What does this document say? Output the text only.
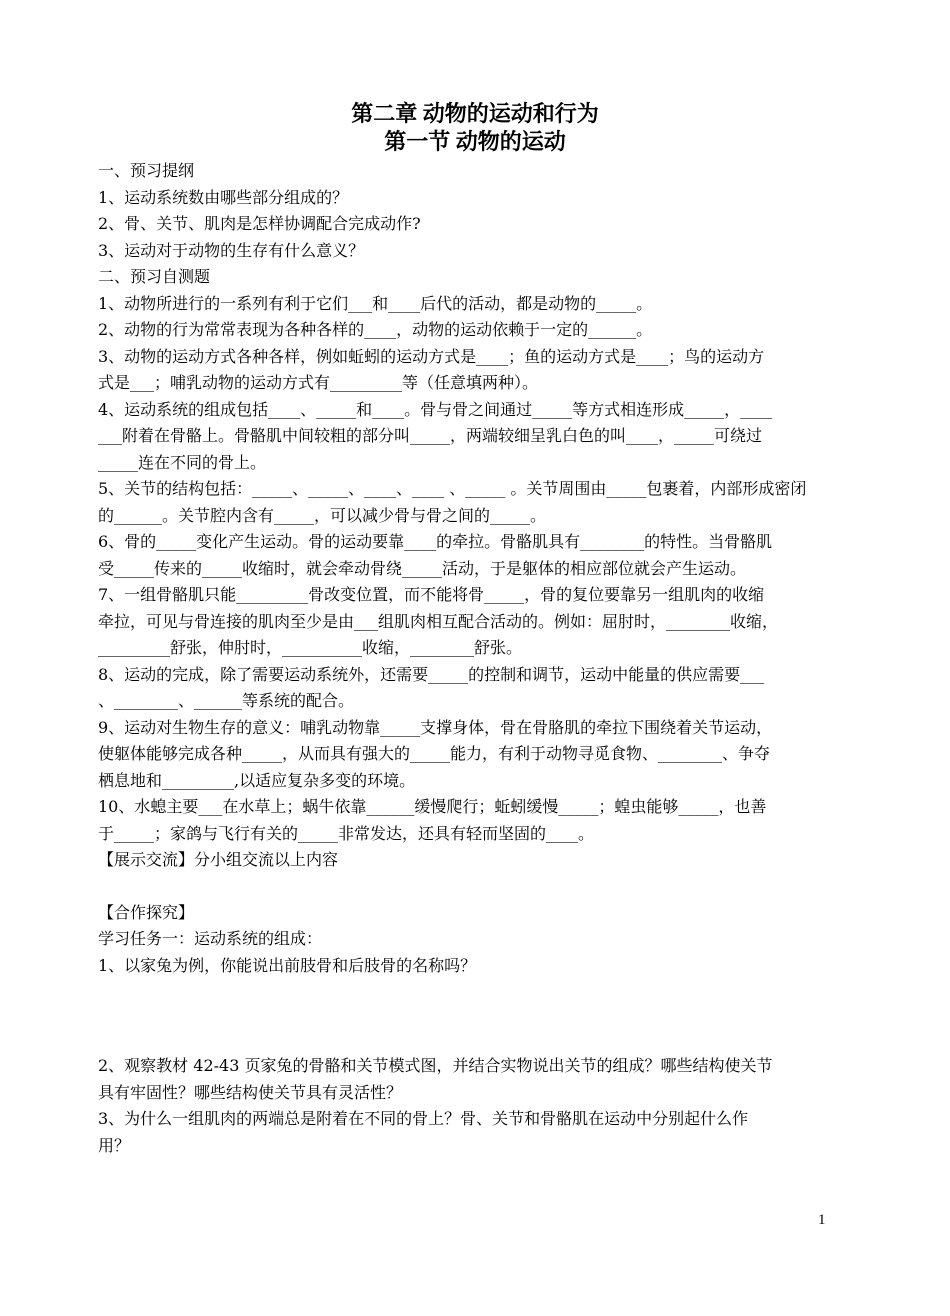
第二章 动物的运动和行为

第一节 动物的运动

一、预习提纲

1、运动系统数由哪些部分组成的？

2、骨、关节、肌肉是怎样协调配合完成动作?

3、运动对于动物的生存有什么意义？

二、预习自测题

1、动物所进行的一系列有利于它们___和____后代的活动，都是动物的_____。

2、动物的行为常常表现为各种各样的____，动物的运动依赖于一定的______。

3、动物的运动方式各种各样，例如蚯蚓的运动方式是____；鱼的运动方式是____；鸟的运动方

式是___；哺乳动物的运动方式有_________等（任意填两种）。

4、运动系统的组成包括____、_____和____。骨与骨之间通过_____等方式相连形成_____，____

___附着在骨骼上。骨骼肌中间较粗的部分叫_____，两端较细呈乳白色的叫____，_____可绕过

_____连在不同的骨上。

5、关节的结构包括：_____、_____、____、____ 、_____ 。关节周围由_____包裹着，内部形成密闭

的______。关节腔内含有_____，可以减少骨与骨之间的_____。

6、骨的_____变化产生运动。骨的运动要靠____的牵拉。骨骼肌具有________的特性。当骨骼肌

受_____传来的_____收缩时，就会牵动骨绕_____活动，于是躯体的相应部位就会产生运动。

7、一组骨骼肌只能_________骨改变位置，而不能将骨_____，骨的复位要靠另一组肌肉的收缩

牵拉，可见与骨连接的肌肉至少是由___组肌肉相互配合活动的。例如：屈肘时，________收缩，

_________舒张，伸肘时，__________收缩，________舒张。

8、运动的完成，除了需要运动系统外，还需要_____的控制和调节，运动中能量的供应需要___

、________、______等系统的配合。

9、运动对生物生存的意义：哺乳动物靠_____支撑身体，骨在骨胳肌的牵拉下围绕着关节运动，

使躯体能够完成各种_____，从而具有强大的_____能力，有利于动物寻觅食物、________、争夺

栖息地和_________,以适应复杂多变的环境。

10、水螅主要___在水草上；蜗牛依靠______缓慢爬行；蚯蚓缓慢_____；蝗虫能够_____，也善

于_____；家鸽与飞行有关的_____非常发达，还具有轻而坚固的____。

【展示交流】分小组交流以上内容

【合作探究】

学习任务一：运动系统的组成：

1、以家兔为例，你能说出前肢骨和后肢骨的名称吗？

2、观察教材 42-43 页家兔的骨骼和关节模式图，并结合实物说出关节的组成？哪些结构使关节

具有牢固性？哪些结构使关节具有灵活性？

3、为什么一组肌肉的两端总是附着在不同的骨上？骨、关节和骨骼肌在运动中分别起什么作

用？

1
